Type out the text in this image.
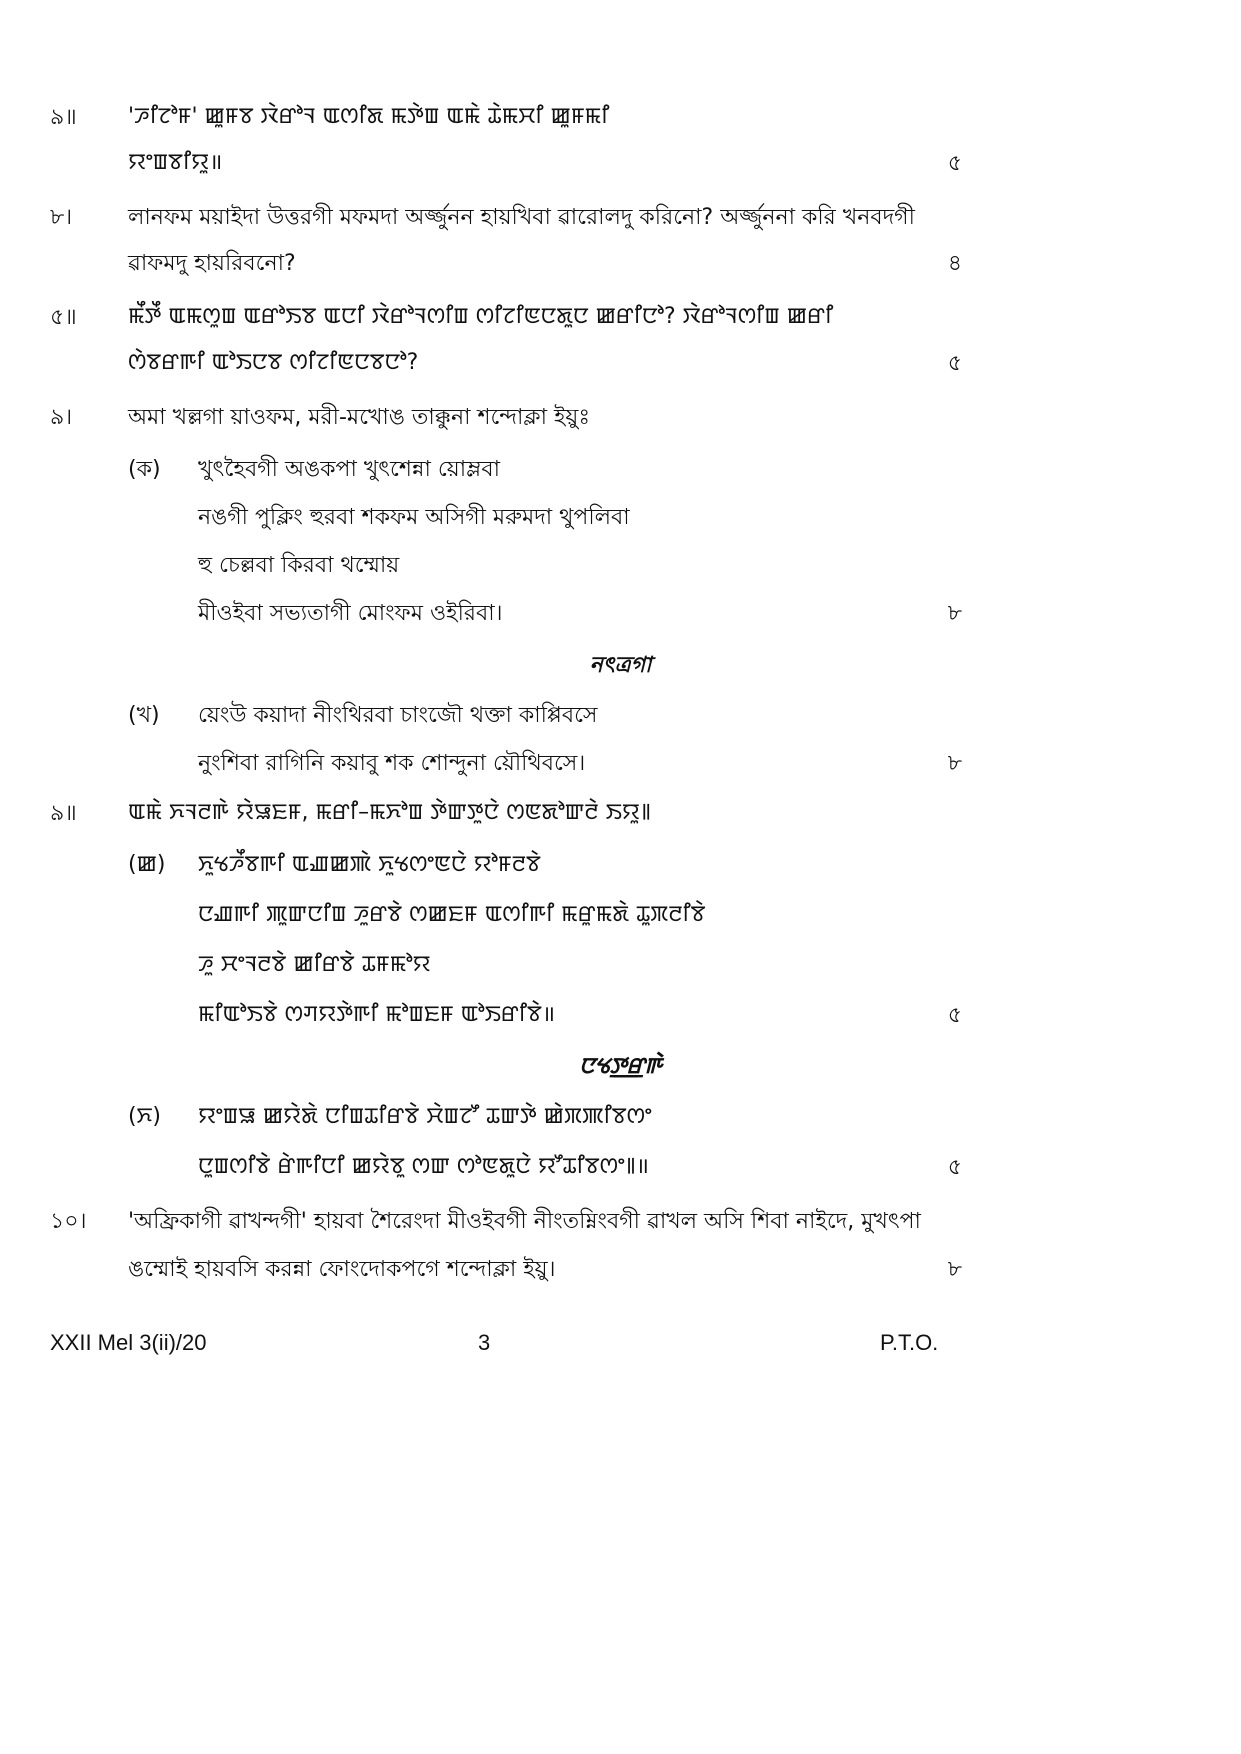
৯॥	'ꯍꯤꯖꯣꯝ' ꯀꯨꯝꯕ ꯋꯥꯔꯣꯜ ꯑꯁꯤꯗ ꯃꯇꯥꯡ ꯑꯃꯥ ꯊꯥꯃꯆꯤ ꯀꯨꯝꯃꯤ
ꯌꯦꯡꯕꯤꯌꯨ॥	৫
৮।	লানফম ময়াইদা উত্তরগী মফমদা অর্জ্জুনন হায়খিবা ৱারোলদু করিনো? অর্জ্জুননা করি খনবদগী
ৱাফমদু হায়রিবনো?	৪
৫॥	ꯃꯩꯇꯩ ꯑꯃꯁꯨꯡ ꯑꯔꯣꯏꯕ ꯑꯅꯤ ꯋꯥꯔꯣꯜꯁꯤꯡ ꯁꯤꯖꯤꯟꯅꯗꯨꯅ ꯀꯔꯤꯅꯣ? ꯋꯥꯔꯣꯜꯁꯤꯡ ꯀꯔꯤ
ꯁꯥꯕꯔꯒꯤ ꯑꯣꯏꯅꯕ ꯁꯤꯖꯤꯟꯅꯕꯅꯣ?	৫
৯।	অমা খল্লগা য়াওফম, মরী-মখোঙ তাক্কুনা শন্দোক্লা ইয়ুঃ
(ক) খুৎহৈবগী অঙকপা খুৎশেন্না য়োম্লবা
নঙগী পুক্লিং হুরবা শকফম অসিগী মরুমদা থুপলিবা
হু চেল্লবা কিরবা থম্মোয়
মীওইবা সভ্যতাগী মোংফম ওইরিবা।	৮
নৎত্রগা
(খ) য়েংউ কয়াদা নীংথিরবা চাংজৌ থক্তা কাপ্পিবসে
নুংশিবা রাগিনি কয়াবু শক শোন্দুনা য়ৌথিবসে।	৮
৯॥	ꯑꯃꯥ ꯈꯜꯂꯒꯥ ꯌꯥꯎꯐꯝ, ꯃꯔꯤ–ꯃꯈꯣꯡ ꯇꯥꯛꯇꯨꯅꯥ ꯁꯟꯗꯣꯛꯂꯥ ꯏꯌꯨ꯫
(ꯀ) ꯈꯨꯠꯍꯩꯕꯒꯤ ꯑꯉꯀꯄꯥ ꯈꯨꯠꯁꯦꯟꯅꯥ ꯌꯣꯝꯂꯕꯥ
ꯅꯉꯒꯤ ꯄꯨꯛꯅꯤꯡ ꯍꯨꯔꯕꯥ ꯁꯀꯐꯝ ꯑꯁꯤꯒꯤ ꯃꯔꯨꯃꯗꯥ ꯊꯨꯞꯂꯤꯕꯥ
ꯍꯨ ꯆꯦꯜꯂꯕꯥ ꯀꯤꯔꯕꯥ ꯊꯝꯃꯣꯌ
ꯃꯤꯑꯣꯏꯕꯥ ꯁꯚꯌꯇꯥꯒꯤ ꯃꯣꯡꯐꯝ ꯑꯣꯏꯔꯤꯕꯥ॥	৫
ꯅꯠꯇ꯭ꯔꯒꯥ
(ꯈ) ꯌꯦꯡꯎ ꯀꯌꯥꯗꯥ ꯅꯤꯡꯊꯤꯔꯕꯥ ꯆꯥꯡꯖꯧ ꯊꯛꯇꯥ ꯀꯥꯞꯄꯤꯕꯁꯦ
ꯅꯨꯡꯁꯤꯕꯥ ꯔꯥꯒꯤꯅꯤ ꯀꯌꯥꯕꯨ ꯁꯛ ꯁꯣꯟꯗꯨꯅꯥ ꯌꯧꯊꯤꯕꯁꯦ꯫॥	৫
১০।	'অফ্রিকাগী ৱাখন্দগী' হায়বা শৈরেংদা মীওইবগী নীংতম্নিংবগী ৱাখল অসি শিবা নাইদে, মুখৎপা
ঙম্মোই হায়বসি করন্না ফোংদোকপগে শন্দোক্লা ইয়ু।	৮
XXII Mel 3(ii)/20	3	P.T.O.
